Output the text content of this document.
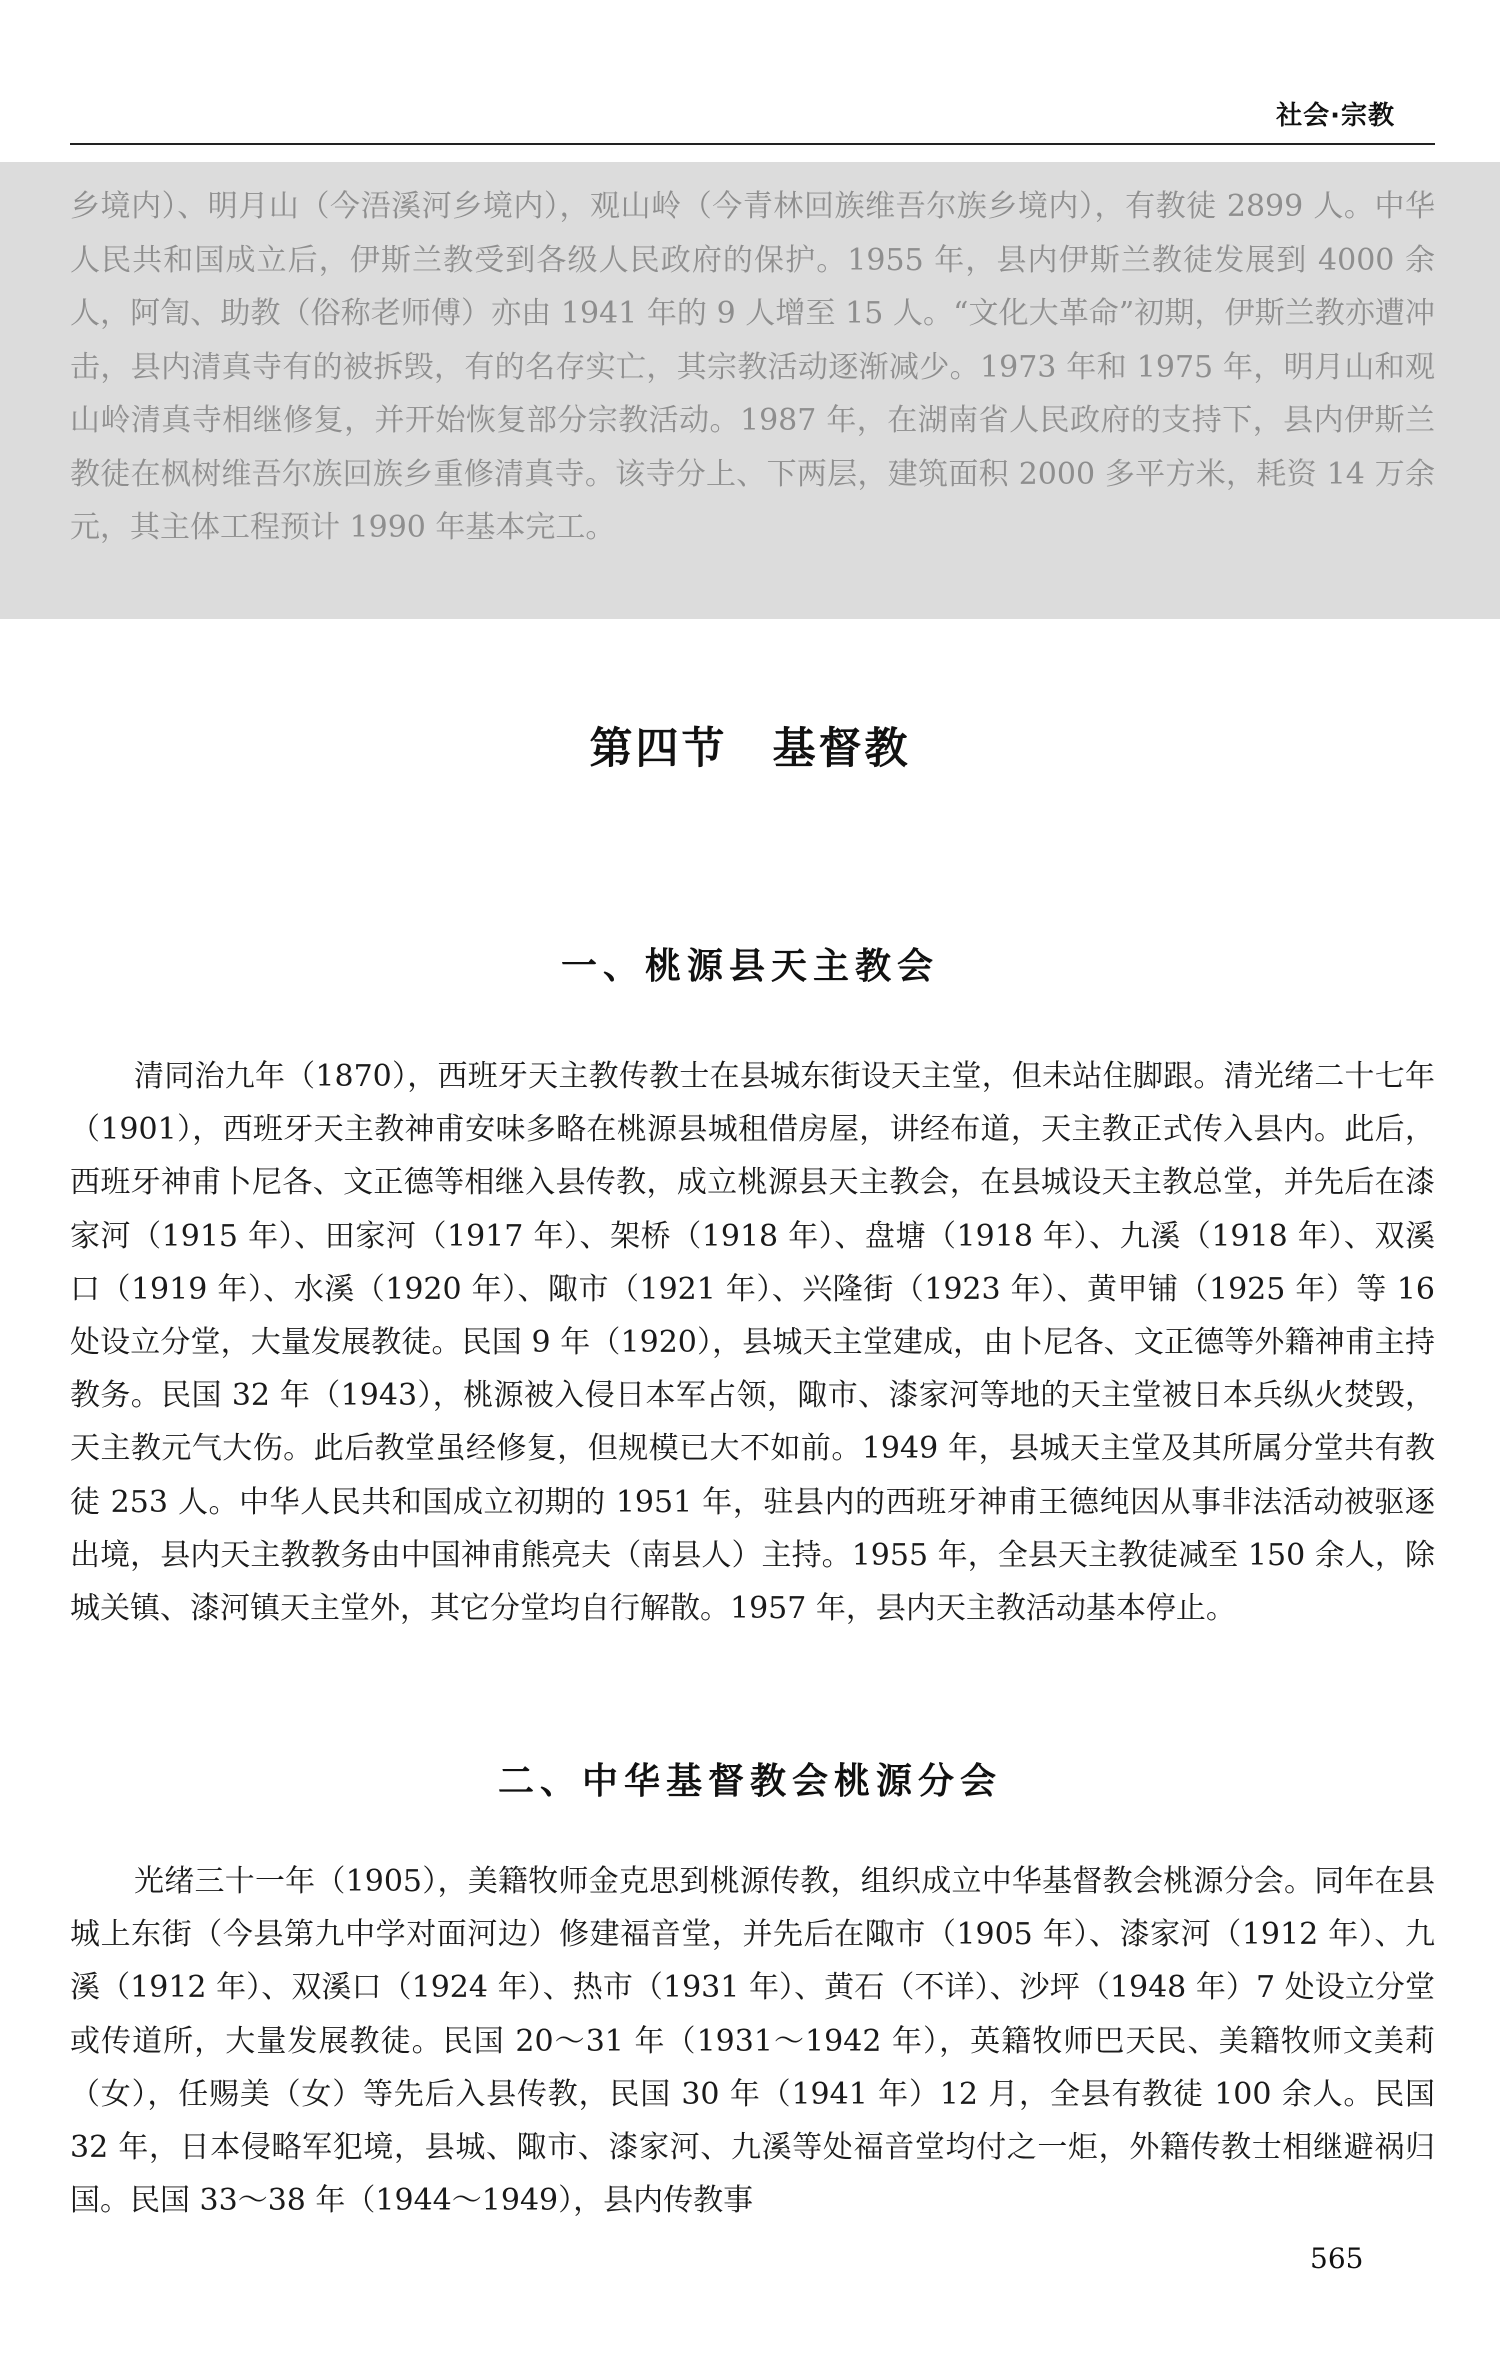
社会·宗教

乡境内）、明月山（今浯溪河乡境内），观山岭（今青林回族维吾尔族乡境内），有教徒 2899 人。中华人民共和国成立后，伊斯兰教受到各级人民政府的保护。1955 年，县内伊斯兰教徒发展到 4000 余人，阿訇、助教（俗称老师傅）亦由 1941 年的 9 人增至 15 人。“文化大革命”初期，伊斯兰教亦遭冲击，县内清真寺有的被拆毁，有的名存实亡，其宗教活动逐渐减少。1973 年和 1975 年，明月山和观山岭清真寺相继修复，并开始恢复部分宗教活动。1987 年，在湖南省人民政府的支持下，县内伊斯兰教徒在枫树维吾尔族回族乡重修清真寺。该寺分上、下两层，建筑面积 2000 多平方米，耗资 14 万余元，其主体工程预计 1990 年基本完工。

第四节 基督教
一、桃源县天主教会

清同治九年（1870），西班牙天主教传教士在县城东街设天主堂，但未站住脚跟。清光绪二十七年（1901），西班牙天主教神甫安味多略在桃源县城租借房屋，讲经布道，天主教正式传入县内。此后，西班牙神甫卜尼各、文正德等相继入县传教，成立桃源县天主教会，在县城设天主教总堂，并先后在漆家河（1915 年）、田家河（1917 年）、架桥（1918 年）、盘塘（1918 年）、九溪（1918 年）、双溪口（1919 年）、水溪（1920 年）、陬市（1921 年）、兴隆街（1923 年）、黄甲铺（1925 年）等 16 处设立分堂，大量发展教徒。民国 9 年（1920），县城天主堂建成，由卜尼各、文正德等外籍神甫主持教务。民国 32 年（1943），桃源被入侵日本军占领，陬市、漆家河等地的天主堂被日本兵纵火焚毁，天主教元气大伤。此后教堂虽经修复，但规模已大不如前。1949 年，县城天主堂及其所属分堂共有教徒 253 人。中华人民共和国成立初期的 1951 年，驻县内的西班牙神甫王德纯因从事非法活动被驱逐出境，县内天主教教务由中国神甫熊亮夫（南县人）主持。1955 年，全县天主教徒减至 150 余人，除城关镇、漆河镇天主堂外，其它分堂均自行解散。1957 年，县内天主教活动基本停止。

二、中华基督教会桃源分会

光绪三十一年（1905），美籍牧师金克思到桃源传教，组织成立中华基督教会桃源分会。同年在县城上东街（今县第九中学对面河边）修建福音堂，并先后在陬市（1905 年）、漆家河（1912 年）、九溪（1912 年）、双溪口（1924 年）、热市（1931 年）、黄石（不详）、沙坪（1948 年）7 处设立分堂或传道所，大量发展教徒。民国 20～31 年（1931～1942 年），英籍牧师巴天民、美籍牧师文美莉（女），任赐美（女）等先后入县传教，民国 30 年（1941 年）12 月，全县有教徒 100 余人。民国 32 年，日本侵略军犯境，县城、陬市、漆家河、九溪等处福音堂均付之一炬，外籍传教士相继避祸归国。民国 33～38 年（1944～1949），县内传教事

565
